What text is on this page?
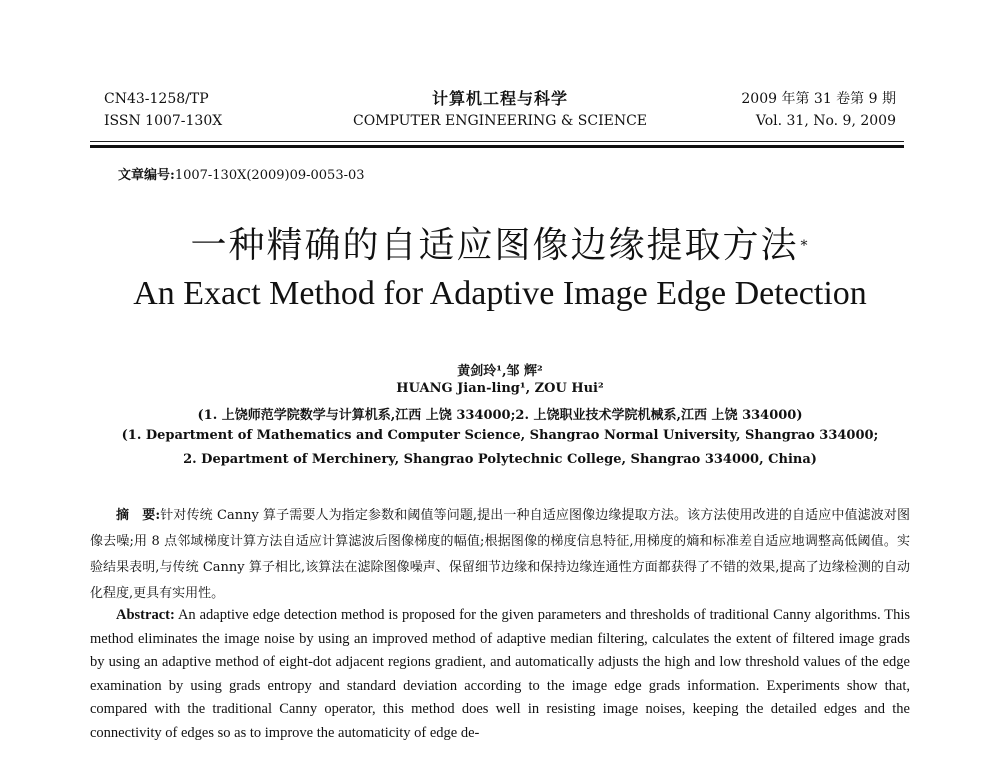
CN43-1258/TP
ISSN 1007-130X
计算机工程与科学
COMPUTER ENGINEERING & SCIENCE
2009 年第 31 卷第 9 期
Vol. 31, No. 9, 2009
文章编号:1007-130X(2009)09-0053-03
一种精确的自适应图像边缘提取方法 *
An Exact Method for Adaptive Image Edge Detection
黄剑玲¹,邹 辉²
HUANG Jian-ling¹, ZOU Hui²
(1. 上饶师范学院数学与计算机系,江西 上饶 334000;2. 上饶职业技术学院机械系,江西 上饶 334000)
(1. Department of Mathematics and Computer Science, Shangrao Normal University, Shangrao 334000;
2. Department of Merchinery, Shangrao Polytechnic College, Shangrao 334000, China)
摘　要:针对传统 Canny 算子需要人为指定参数和阈值等问题,提出一种自适应图像边缘提取方法。该方法使用改进的自适应中值滤波对图像去噪;用 8 点邻域梯度计算方法自适应计算滤波后图像梯度的幅值;根据图像的梯度信息特征,用梯度的熵和标准差自适应地调整高低阈值。实验结果表明,与传统 Canny 算子相比,该算法在滤除图像噪声、保留细节边缘和保持边缘连通性方面都获得了不错的效果,提高了边缘检测的自动化程度,更具有实用性。
Abstract: An adaptive edge detection method is proposed for the given parameters and thresholds of traditional Canny algorithms. This method eliminates the image noise by using an improved method of adaptive median filtering, calculates the extent of filtered image grads by using an adaptive method of eight-dot adjacent regions gradient, and automatically adjusts the high and low threshold values of the edge examination by using grads entropy and standard deviation according to the image edge grads information. Experiments show that, compared with the traditional Canny operator, this method does well in resisting image noises, keeping the detailed edges and the connectivity of edges so as to improve the automaticity of edge de-
